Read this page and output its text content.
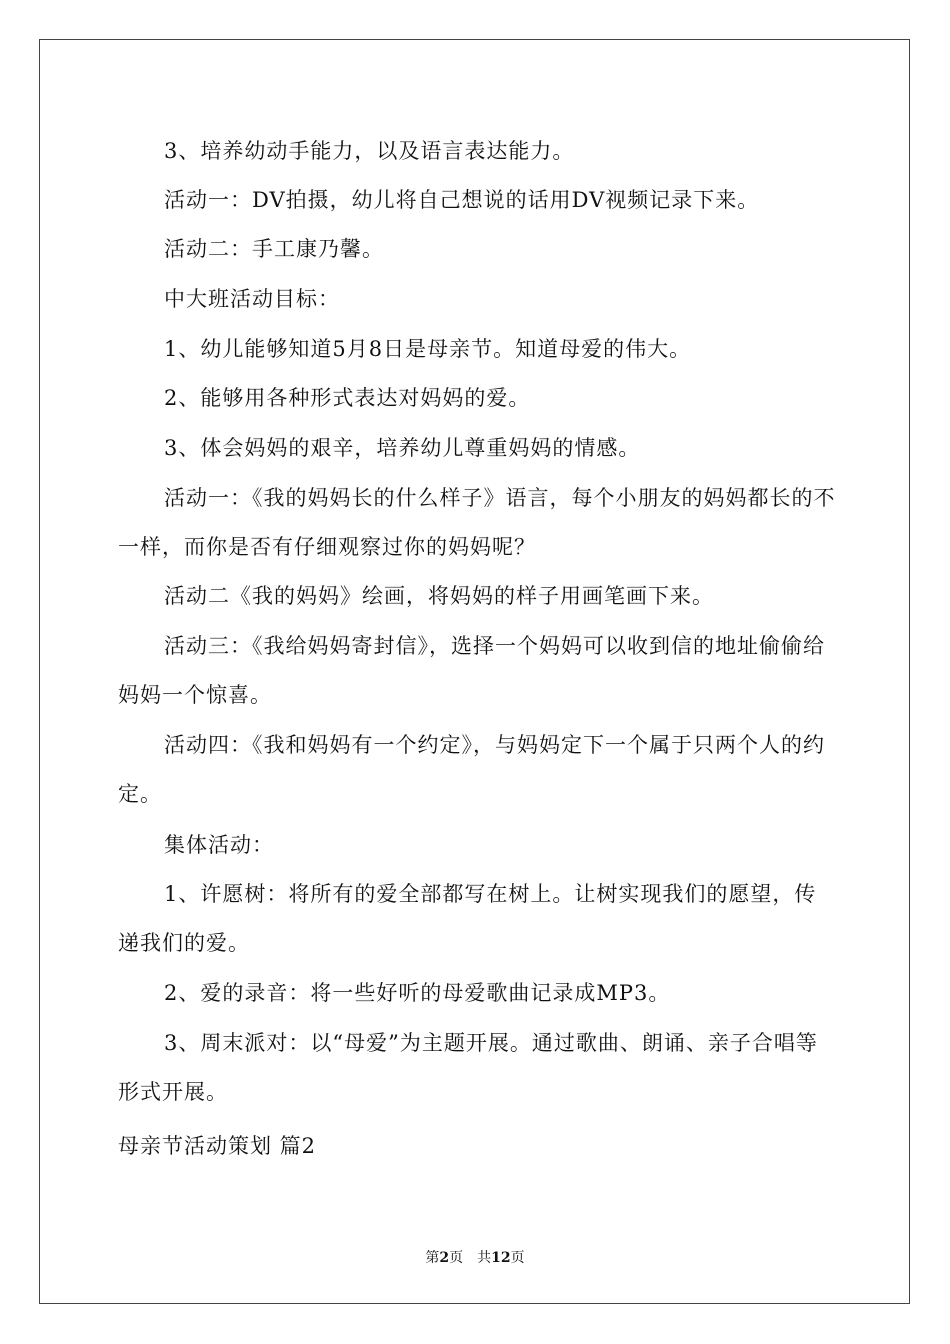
3、培养幼动手能力，以及语言表达能力。

活动一：DV拍摄，幼儿将自己想说的话用DV视频记录下来。

活动二：手工康乃馨。

中大班活动目标：

1、幼儿能够知道5月8日是母亲节。知道母爱的伟大。

2、能够用各种形式表达对妈妈的爱。

3、体会妈妈的艰辛，培养幼儿尊重妈妈的情感。

活动一：《我的妈妈长的什么样子》语言，每个小朋友的妈妈都长的不一样，而你是否有仔细观察过你的妈妈呢？

活动二《我的妈妈》绘画，将妈妈的样子用画笔画下来。

活动三：《我给妈妈寄封信》，选择一个妈妈可以收到信的地址偷偷给妈妈一个惊喜。

活动四：《我和妈妈有一个约定》，与妈妈定下一个属于只两个人的约定。

集体活动：

1、许愿树：将所有的爱全部都写在树上。让树实现我们的愿望，传递我们的爱。

2、爱的录音：将一些好听的母爱歌曲记录成MP3。

3、周末派对：以“母爱”为主题开展。通过歌曲、朗诵、亲子合唱等形式开展。

母亲节活动策划 篇2

第2页　共12页
